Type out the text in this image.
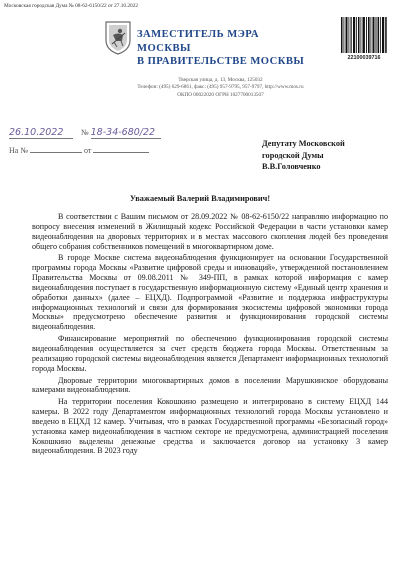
Московская городская Дума № 08-62-6150/22 от 27.10.2022
ЗАМЕСТИТЕЛЬ МЭРА МОСКВЫ
В ПРАВИТЕЛЬСТВЕ МОСКВЫ	22100039716
Тверская улица, д. 13, Москва, 125032
Телефон: (495) 629-6861, факс: (495) 957-9795, 957-9797, http://www.mos.ru
ОКПО 00022020 ОГРН 1027700013507
26.10.2022 № 18-34-680/22
На №	от
Депутату Московской
городской Думы
В.В.Головченко
Уважаемый Валерий Владимирович!

В соответствии с Вашим письмом от 28.09.2022 № 08-62-6150/22 направляю информацию по вопросу внесения изменений в Жилищный кодекс Российской Федерации в части установки камер видеонаблюдения на дворовых территориях и в местах массового скопления людей без проведения общего собрания собственников помещений в многоквартирном доме.

В городе Москве система видеонаблюдения функционирует на основании Государственной программы города Москвы «Развитие цифровой среды и инноваций», утвержденной постановлением Правительства Москвы от 09.08.2011 № 349-ПП, в рамках которой информация с камер видеонаблюдения поступает в государственную информационную систему «Единый центр хранения и обработки данных» (далее – ЕЦХД). Подпрограммой «Развитие и поддержка инфраструктуры информационных технологий и связи для формирования экосистемы цифровой экономики города Москвы» предусмотрено обеспечение развития и функционирования городской системы видеонаблюдения.

Финансирование мероприятий по обеспечению функционирования городской системы видеонаблюдения осуществляется за счет средств бюджета города Москвы. Ответственным за реализацию городской системы видеонаблюдения является Департамент информационных технологий города Москвы.

Дворовые территории многоквартирных домов в поселении Марушкинское оборудованы камерами видеонаблюдения.

На территории поселения Кокошкино размещено и интегрировано в систему ЕЦХД 144 камеры. В 2022 году Департаментом информационных технологий города Москвы установлено и введено в ЕЦХД 12 камер. Учитывая, что в рамках Государственной программы «Безопасный город» установка камер видеонаблюдения в частном секторе не предусмотрена, администрацией поселения Кокошкино выделены денежные средства и заключается договор на установку 3 камер видеонаблюдения. В 2023 году
